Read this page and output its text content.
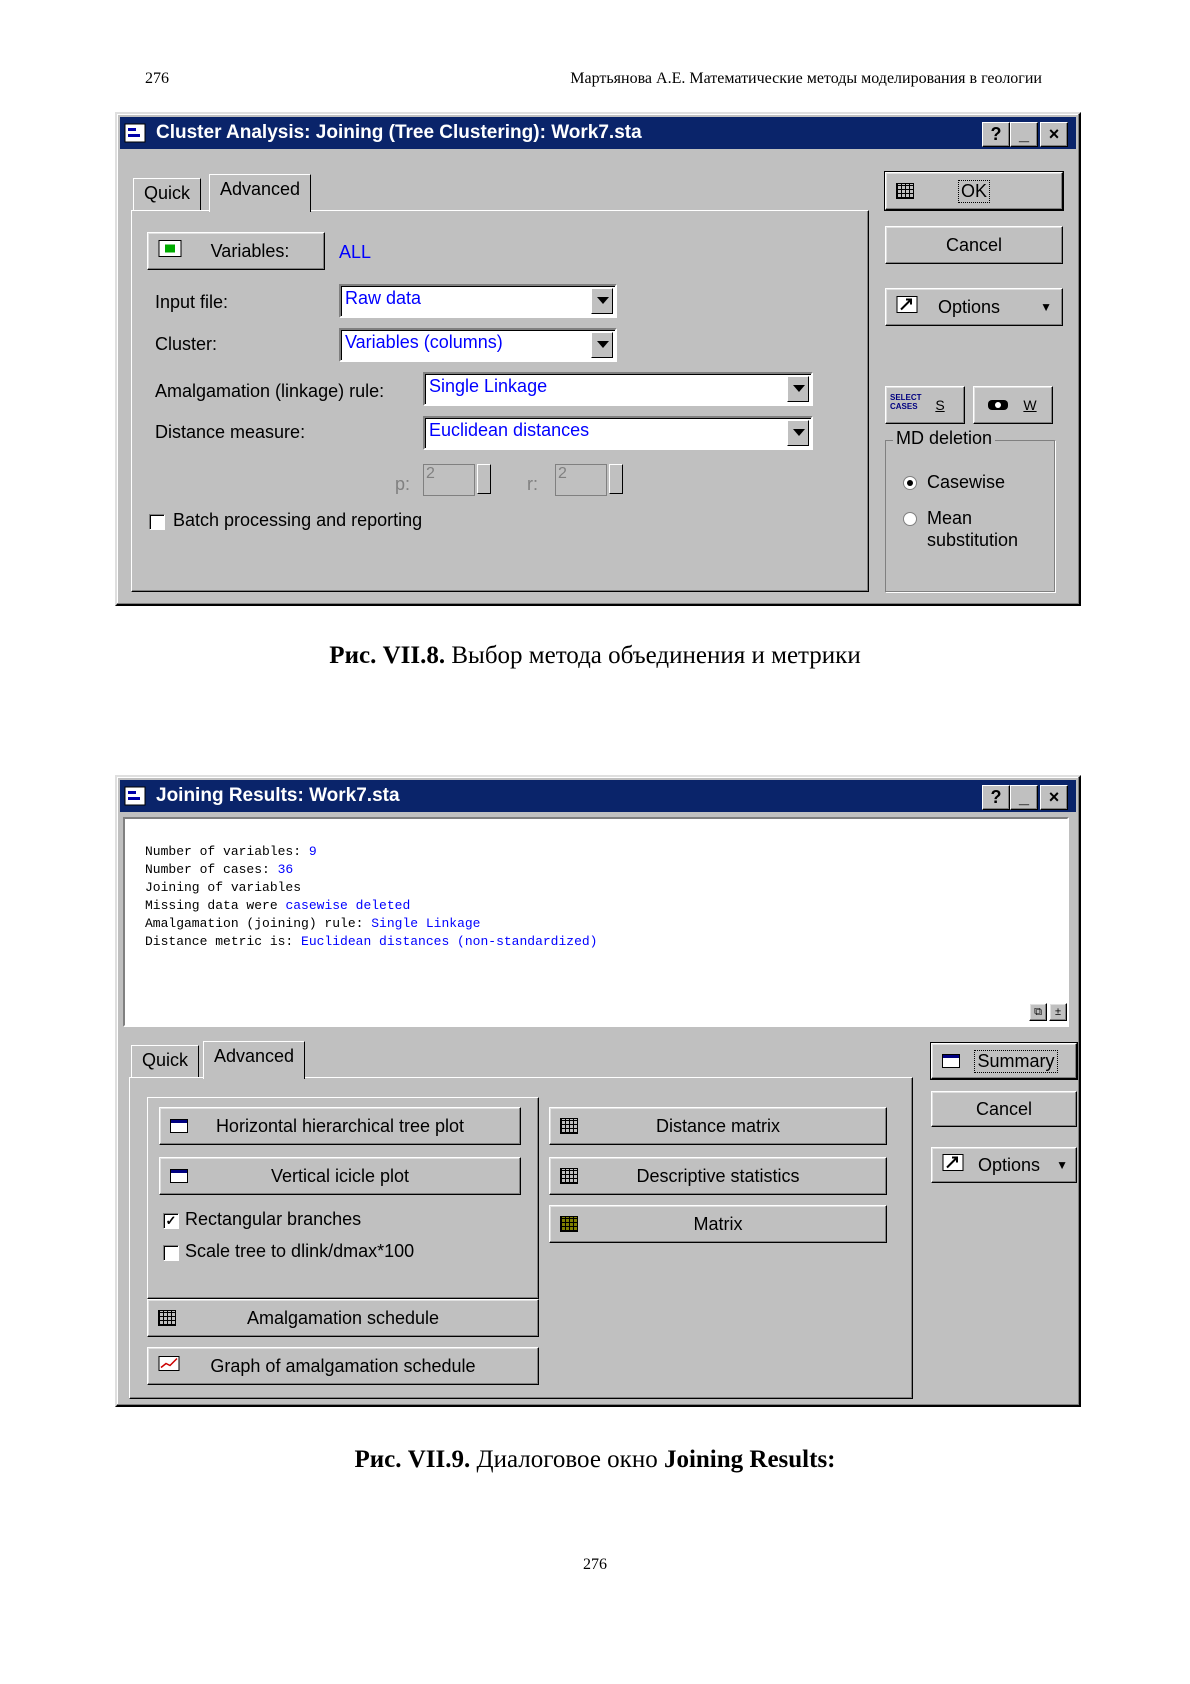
276	Мартьянова А.Е. Математические методы моделирования в геологии
Cluster Analysis: Joining (Tree Clustering): Work7.sta	? _	×
Quick	Advanced
Variables:	ALL
Input file:	Raw data
Cluster:	Variables (columns)
Amalgamation (linkage) rule:	Single Linkage
Distance measure:	Euclidean distances
p:
2
r:
2
Batch processing and reporting
OK
Cancel
Options	▼
SELECT
CASES S	W
MD deletion
Casewise
Mean
substitution
Рис. VII.8. Выбор метода объединения и метрики
Joining Results: Work7.sta	? _	×
Number of variables: 9
Number of cases: 36
Joining of variables
Missing data were casewise deleted
Amalgamation (joining) rule: Single Linkage
Distance metric is: Euclidean distances (non-standardized)
⧉	±
Quick	Advanced
Horizontal hierarchical tree plot
Vertical icicle plot
✓ Rectangular branches
Scale tree to dlink/dmax*100
Amalgamation schedule
Graph of amalgamation schedule
Distance matrix
Descriptive statistics
Matrix
Summary
Cancel
Options ▼
Рис. VII.9. Диалоговое окно Joining Results:
276
